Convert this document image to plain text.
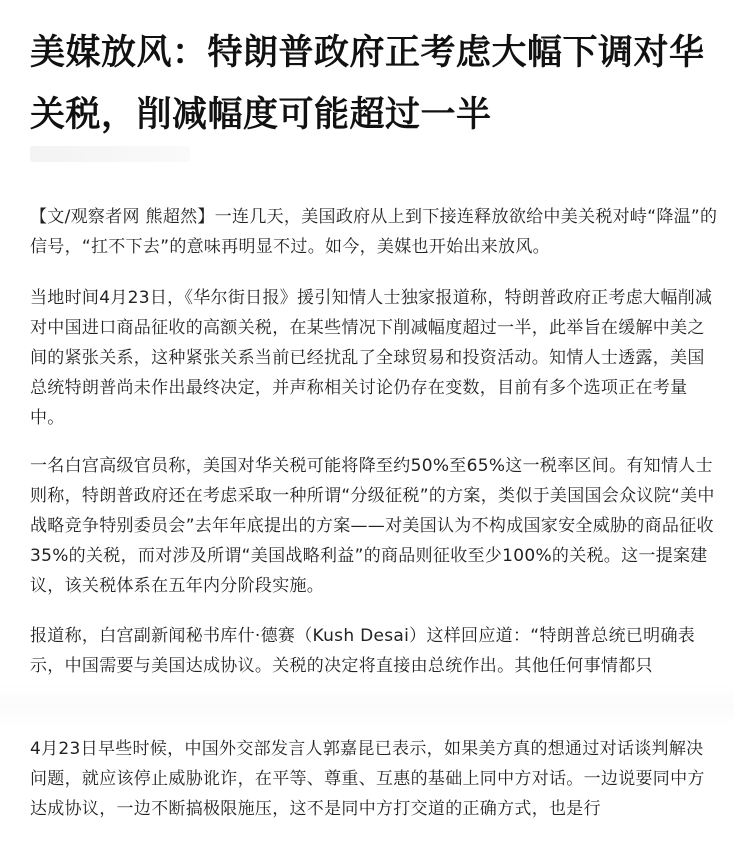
美媒放风：特朗普政府正考虑大幅下调对华关税，削减幅度可能超过一半

【文/观察者网 熊超然】一连几天，美国政府从上到下接连释放欲给中美关税对峙“降温”的信号，“扛不下去”的意味再明显不过。如今，美媒也开始出来放风。

当地时间4月23日，《华尔街日报》援引知情人士独家报道称，特朗普政府正考虑大幅削减对中国进口商品征收的高额关税，在某些情况下削减幅度超过一半，此举旨在缓解中美之间的紧张关系，这种紧张关系当前已经扰乱了全球贸易和投资活动。知情人士透露，美国总统特朗普尚未作出最终决定，并声称相关讨论仍存在变数，目前有多个选项正在考量中。

一名白宫高级官员称，美国对华关税可能将降至约50%至65%这一税率区间。有知情人士则称，特朗普政府还在考虑采取一种所谓“分级征税”的方案，类似于美国国会众议院“美中战略竞争特别委员会”去年年底提出的方案——对美国认为不构成国家安全威胁的商品征收35%的关税，而对涉及所谓“美国战略利益”的商品则征收至少100%的关税。这一提案建议，该关税体系在五年内分阶段实施。

报道称，白宫副新闻秘书库什·德赛（Kush Desai）这样回应道：“特朗普总统已明确表示，中国需要与美国达成协议。关税的决定将直接由总统作出。其他任何事情都只

4月23日早些时候，中国外交部发言人郭嘉昆已表示，如果美方真的想通过对话谈判解决问题，就应该停止威胁讹诈，在平等、尊重、互惠的基础上同中方对话。一边说要同中方达成协议，一边不断搞极限施压，这不是同中方打交道的正确方式，也是行
